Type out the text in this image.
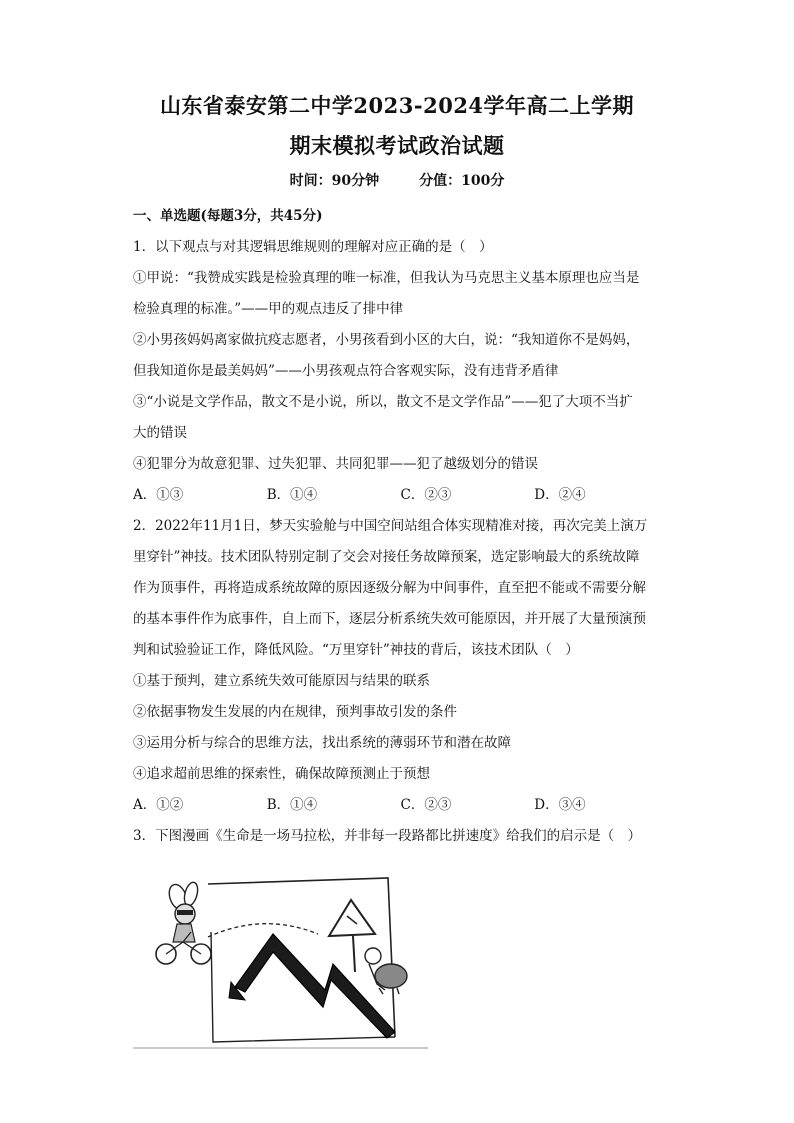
山东省泰安第二中学2023-2024学年高二上学期
期末模拟考试政治试题
时间：90分钟	分值：100分
一、单选题(每题3分，共45分)
1．以下观点与对其逻辑思维规则的理解对应正确的是（　）
①甲说：“我赞成实践是检验真理的唯一标准，但我认为马克思主义基本原理也应当是
检验真理的标准。”——甲的观点违反了排中律
②小男孩妈妈离家做抗疫志愿者，小男孩看到小区的大白，说：“我知道你不是妈妈，
但我知道你是最美妈妈”——小男孩观点符合客观实际，没有违背矛盾律
③“小说是文学作品，散文不是小说，所以，散文不是文学作品”——犯了大项不当扩
大的错误
④犯罪分为故意犯罪、过失犯罪、共同犯罪——犯了越级划分的错误
A．①③	B．①④	C．②③	D．②④
2．2022年11月1日，梦天实验舱与中国空间站组合体实现精准对接，再次完美上演万
里穿针”神技。技术团队特别定制了交会对接任务故障预案，选定影响最大的系统故障
作为顶事件，再将造成系统故障的原因逐级分解为中间事件，直至把不能或不需要分解
的基本事件作为底事件，自上而下，逐层分析系统失效可能原因，并开展了大量预演预
判和试验验证工作，降低风险。“万里穿针”神技的背后，该技术团队（　）
①基于预判，建立系统失效可能原因与结果的联系
②依据事物发生发展的内在规律，预判事故引发的条件
③运用分析与综合的思维方法，找出系统的薄弱环节和潜在故障
④追求超前思维的探索性，确保故障预测止于预想
A．①②	B．①④	C．②③	D．③④
3．下图漫画《生命是一场马拉松，并非每一段路都比拼速度》给我们的启示是（　）
